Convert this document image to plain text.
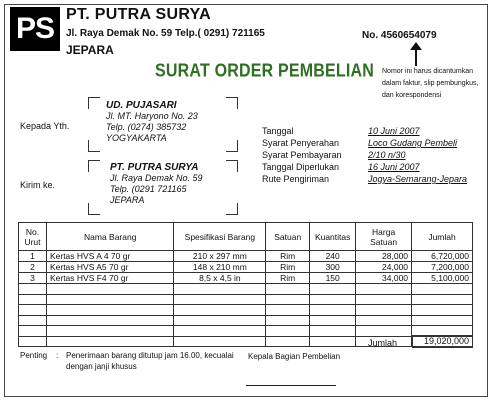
PS PT. PUTRA SURYA
Jl. Raya Demak No. 59 Telp.( 0291) 721165
JEPARA
No. 4560654079
Nomor ini harus dicantumkan dalam faktur, slip pembungkus, dan korespondensi
SURAT ORDER PEMBELIAN
Kepada Yth.
UD. PUJASARI
Jl. MT. Haryono No. 23
Telp. (0274) 385732
YOGYAKARTA
Kirim ke.
PT. PUTRA SURYA
Jl. Raya Demak No. 59
Telp. (0291 721165
JEPARA
Tanggal	10 Juni 2007
Syarat Penyerahan	Loco Gudang Pembeli
Syarat Pembayaran	2/10 n/30
Tanggal Diperlukan	16 Juni 2007
Rute Pengiriman	Jogya-Semarang-Jepara
No. Urut	Nama Barang	Spesifikasi Barang	Satuan	Kuantitas	Harga Satuan	Jumlah
1	Kertas HVS A 4 70 gr	210 x 297 mm	Rim	240	28,000	6,720,000
2	Kertas HVS A5 70 gr	148 x 210 mm	Rim	300	24,000	7,200,000
3	Kertas HVS F4 70 gr	8,5 x 4,5 in	Rim	150	34,000	5,100,000

Jumlah	19,020,000
Penting : Penerimaan barang ditutup jam 16.00, kecualai dengan janji khusus
Kepala Bagian Pembelian
